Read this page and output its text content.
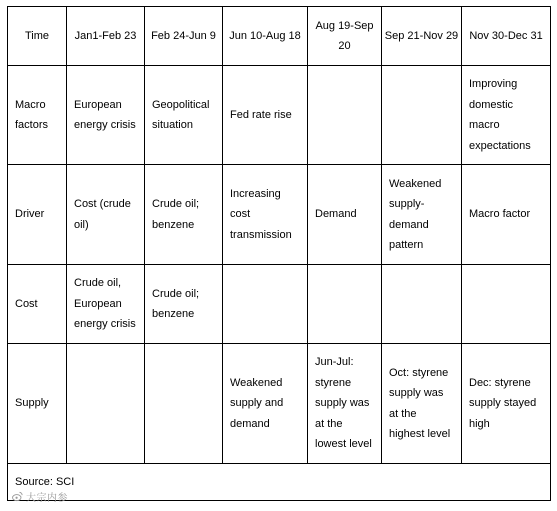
Time	Jan1-Feb 23	Feb 24-Jun 9	Jun 10-Aug 18	Aug 19-Sep 20	Sep 21-Nov 29	Nov 30-Dec 31
Macro factors	European energy crisis	Geopolitical situation	Fed rate rise			Improving domestic macro expectations
Driver	Cost (crude oil)	Crude oil; benzene	Increasing cost transmission	Demand	Weakened supply-demand pattern	Macro factor
Cost	Crude oil, European energy crisis	Crude oil; benzene				
Supply			Weakened supply and demand	Jun-Jul: styrene supply was at the lowest level	Oct: styrene supply was at the highest level	Dec: styrene supply stayed high
Source: SCI						
大宗内参
